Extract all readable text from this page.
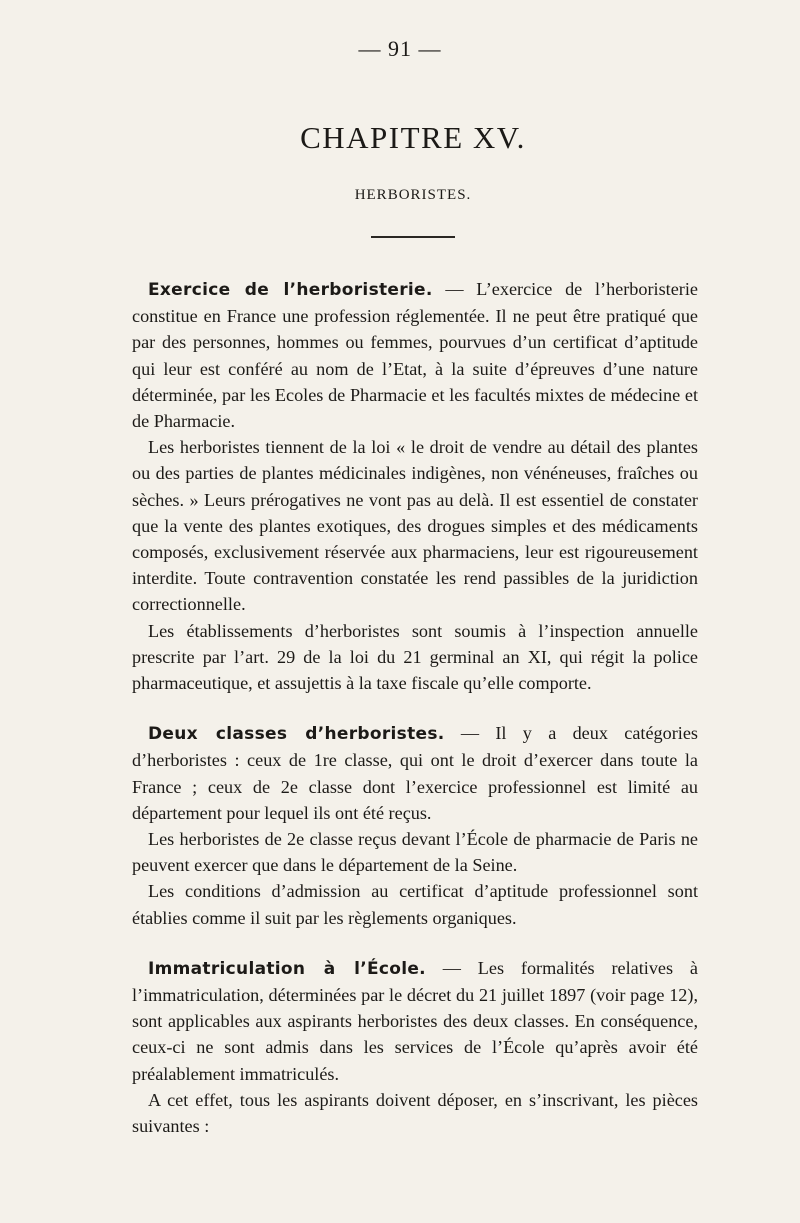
— 91 —
CHAPITRE XV.
HERBORISTES.

Exercice de l’herboristerie. — L’exercice de l’herboristerie constitue en France une profession réglementée. Il ne peut être pratiqué que par des personnes, hommes ou femmes, pourvues d’un certificat d’aptitude qui leur est conféré au nom de l’Etat, à la suite d’épreuves d’une nature déterminée, par les Ecoles de Pharmacie et les facultés mixtes de médecine et de Pharmacie.

Les herboristes tiennent de la loi « le droit de vendre au détail des plantes ou des parties de plantes médicinales indigènes, non vénéneuses, fraîches ou sèches. » Leurs prérogatives ne vont pas au delà. Il est essentiel de constater que la vente des plantes exotiques, des drogues simples et des médicaments composés, exclusivement réservée aux pharmaciens, leur est rigoureusement interdite. Toute contravention constatée les rend passibles de la juridiction correctionnelle.

Les établissements d’herboristes sont soumis à l’inspection annuelle prescrite par l’art. 29 de la loi du 21 germinal an XI, qui régit la police pharmaceutique, et assujettis à la taxe fiscale qu’elle comporte.

Deux classes d’herboristes. — Il y a deux catégories d’herboristes : ceux de 1re classe, qui ont le droit d’exercer dans toute la France ; ceux de 2e classe dont l’exercice professionnel est limité au département pour lequel ils ont été reçus.

Les herboristes de 2e classe reçus devant l’École de pharmacie de Paris ne peuvent exercer que dans le département de la Seine.

Les conditions d’admission au certificat d’aptitude professionnel sont établies comme il suit par les règlements organiques.

Immatriculation à l’École. — Les formalités relatives à l’immatriculation, déterminées par le décret du 21 juillet 1897 (voir page 12), sont applicables aux aspirants herboristes des deux classes. En conséquence, ceux-ci ne sont admis dans les services de l’École qu’après avoir été préalablement immatriculés.

A cet effet, tous les aspirants doivent déposer, en s’inscrivant, les pièces suivantes :
